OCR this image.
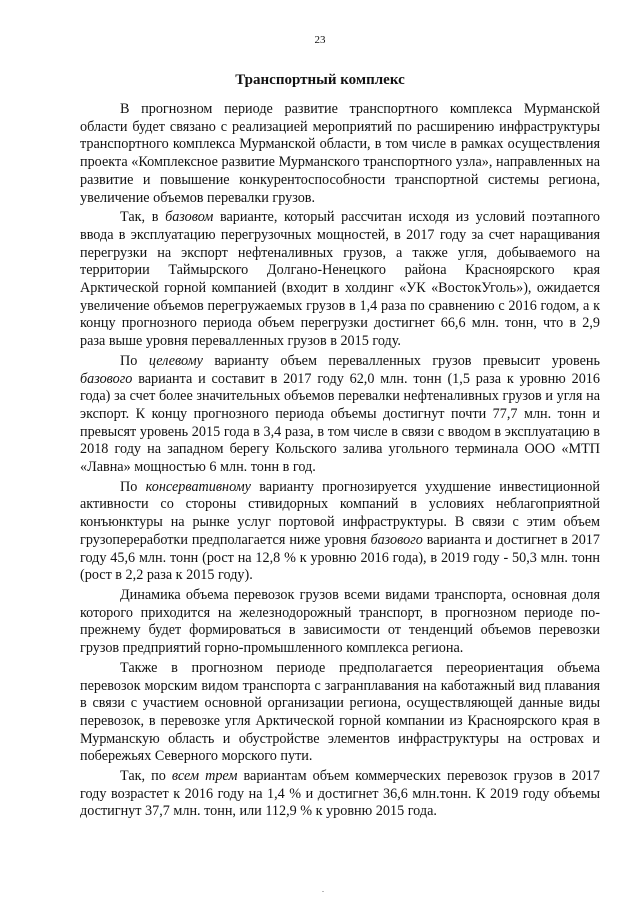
23
Транспортный комплекс

В прогнозном периоде развитие транспортного комплекса Мурманской области будет связано с реализацией мероприятий по расширению инфраструктуры транспортного комплекса Мурманской области, в том числе в рамках осуществления проекта «Комплексное развитие Мурманского транспортного узла», направленных на развитие и повышение конкурентоспособности транспортной системы региона, увеличение объемов перевалки грузов.

Так, в базовом варианте, который рассчитан исходя из условий поэтапного ввода в эксплуатацию перегрузочных мощностей, в 2017 году за счет наращивания перегрузки на экспорт нефтеналивных грузов, а также угля, добываемого на территории Таймырского Долгано-Ненецкого района Красноярского края Арктической горной компанией (входит в холдинг «УК «ВостокУголь»), ожидается увеличение объемов перегружаемых грузов в 1,4 раза по сравнению с 2016 годом, а к концу прогнозного периода объем перегрузки достигнет 66,6 млн. тонн, что в 2,9 раза выше уровня перевалленных грузов в 2015 году.

По целевому варианту объем перевалленных грузов превысит уровень базового варианта и составит в 2017 году 62,0 млн. тонн (1,5 раза к уровню 2016 года) за счет более значительных объемов перевалки нефтеналивных грузов и угля на экспорт. К концу прогнозного периода объемы достигнут почти 77,7 млн. тонн и превысят уровень 2015 года в 3,4 раза, в том числе в связи с вводом в эксплуатацию в 2018 году на западном берегу Кольского залива угольного терминала ООО «МТП «Лавна» мощностью 6 млн. тонн в год.

По консервативному варианту прогнозируется ухудшение инвестиционной активности со стороны стивидорных компаний в условиях неблагоприятной конъюнктуры на рынке услуг портовой инфраструктуры. В связи с этим объем грузопереработки предполагается ниже уровня базового варианта и достигнет в 2017 году 45,6 млн. тонн (рост на 12,8 % к уровню 2016 года), в 2019 году - 50,3 млн. тонн (рост в 2,2 раза к 2015 году).

Динамика объема перевозок грузов всеми видами транспорта, основная доля которого приходится на железнодорожный транспорт, в прогнозном периоде по-прежнему будет формироваться в зависимости от тенденций объемов перевозки грузов предприятий горно-промышленного комплекса региона.

Также в прогнозном периоде предполагается переориентация объема перевозок морским видом транспорта с загранплавания на каботажный вид плавания в связи с участием основной организации региона, осуществляющей данные виды перевозок, в перевозке угля Арктической горной компании из Красноярского края в Мурманскую область и обустройстве элементов инфраструктуры на островах и побережьях Северного морского пути.

Так, по всем трем вариантам объем коммерческих перевозок грузов в 2017 году возрастет к 2016 году на 1,4 % и достигнет 36,6 млн.тонн. К 2019 году объемы достигнут 37,7 млн. тонн, или 112,9 % к уровню 2015 года.

.
